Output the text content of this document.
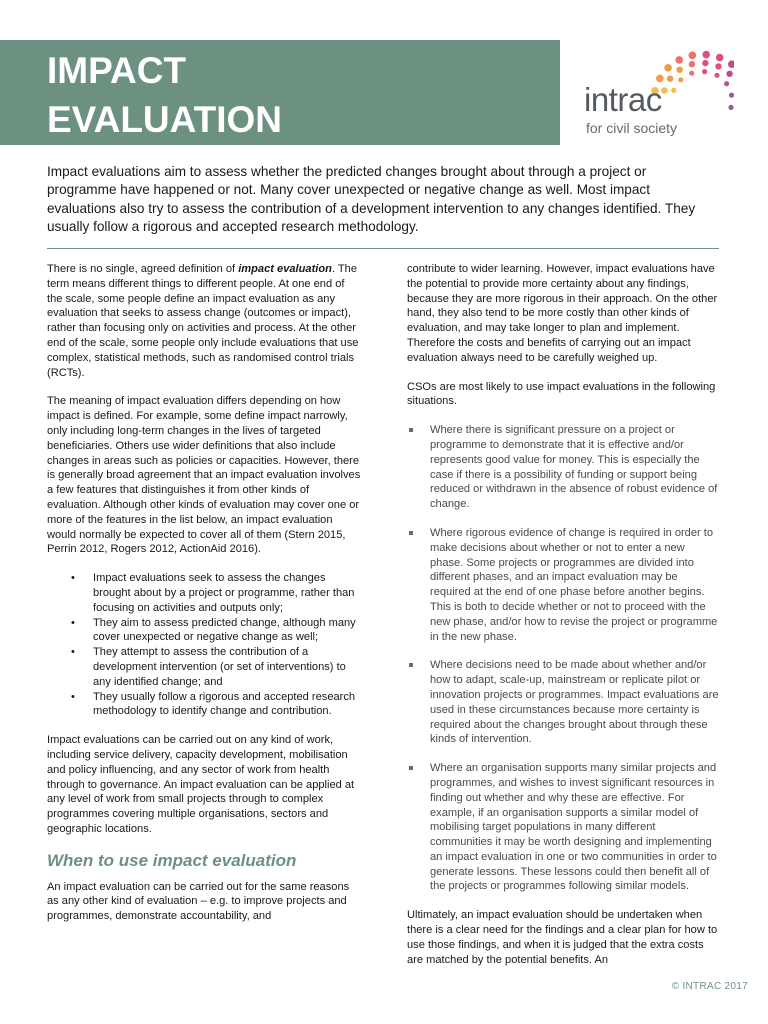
IMPACT
EVALUATION	intrac
for civil society

Impact evaluations aim to assess whether the predicted changes brought about through a project or programme have happened or not. Many cover unexpected or negative change as well. Most impact evaluations also try to assess the contribution of a development intervention to any changes identified. They usually follow a rigorous and accepted research methodology.

There is no single, agreed definition of impact evaluation. The term means different things to different people. At one end of the scale, some people define an impact evaluation as any evaluation that seeks to assess change (outcomes or impact), rather than focusing only on activities and process. At the other end of the scale, some people only include evaluations that use complex, statistical methods, such as randomised control trials (RCTs).

The meaning of impact evaluation differs depending on how impact is defined. For example, some define impact narrowly, only including long-term changes in the lives of targeted beneficiaries. Others use wider definitions that also include changes in areas such as policies or capacities. However, there is generally broad agreement that an impact evaluation involves a few features that distinguishes it from other kinds of evaluation. Although other kinds of evaluation may cover one or more of the features in the list below, an impact evaluation would normally be expected to cover all of them (Stern 2015, Perrin 2012, Rogers 2012, ActionAid 2016).

• Impact evaluations seek to assess the changes brought about by a project or programme, rather than focusing on activities and outputs only;
• They aim to assess predicted change, although many cover unexpected or negative change as well;
• They attempt to assess the contribution of a development intervention (or set of interventions) to any identified change; and
• They usually follow a rigorous and accepted research methodology to identify change and contribution.

Impact evaluations can be carried out on any kind of work, including service delivery, capacity development, mobilisation and policy influencing, and any sector of work from health through to governance. An impact evaluation can be applied at any level of work from small projects through to complex programmes covering multiple organisations, sectors and geographic locations.

When to use impact evaluation

An impact evaluation can be carried out for the same reasons as any other kind of evaluation – e.g. to improve projects and programmes, demonstrate accountability, and

contribute to wider learning. However, impact evaluations have the potential to provide more certainty about any findings, because they are more rigorous in their approach. On the other hand, they also tend to be more costly than other kinds of evaluation, and may take longer to plan and implement. Therefore the costs and benefits of carrying out an impact evaluation always need to be carefully weighed up.

CSOs are most likely to use impact evaluations in the following situations.

Where there is significant pressure on a project or programme to demonstrate that it is effective and/or represents good value for money. This is especially the case if there is a possibility of funding or support being reduced or withdrawn in the absence of robust evidence of change.
Where rigorous evidence of change is required in order to make decisions about whether or not to enter a new phase. Some projects or programmes are divided into different phases, and an impact evaluation may be required at the end of one phase before another begins. This is both to decide whether or not to proceed with the new phase, and/or how to revise the project or programme in the new phase.
Where decisions need to be made about whether and/or how to adapt, scale-up, mainstream or replicate pilot or innovation projects or programmes. Impact evaluations are used in these circumstances because more certainty is required about the changes brought about through these kinds of intervention.
Where an organisation supports many similar projects and programmes, and wishes to invest significant resources in finding out whether and why these are effective. For example, if an organisation supports a similar model of mobilising target populations in many different communities it may be worth designing and implementing an impact evaluation in one or two communities in order to generate lessons. These lessons could then benefit all of the projects or programmes following similar models.

Ultimately, an impact evaluation should be undertaken when there is a clear need for the findings and a clear plan for how to use those findings, and when it is judged that the extra costs are matched by the potential benefits. An

© INTRAC 2017
